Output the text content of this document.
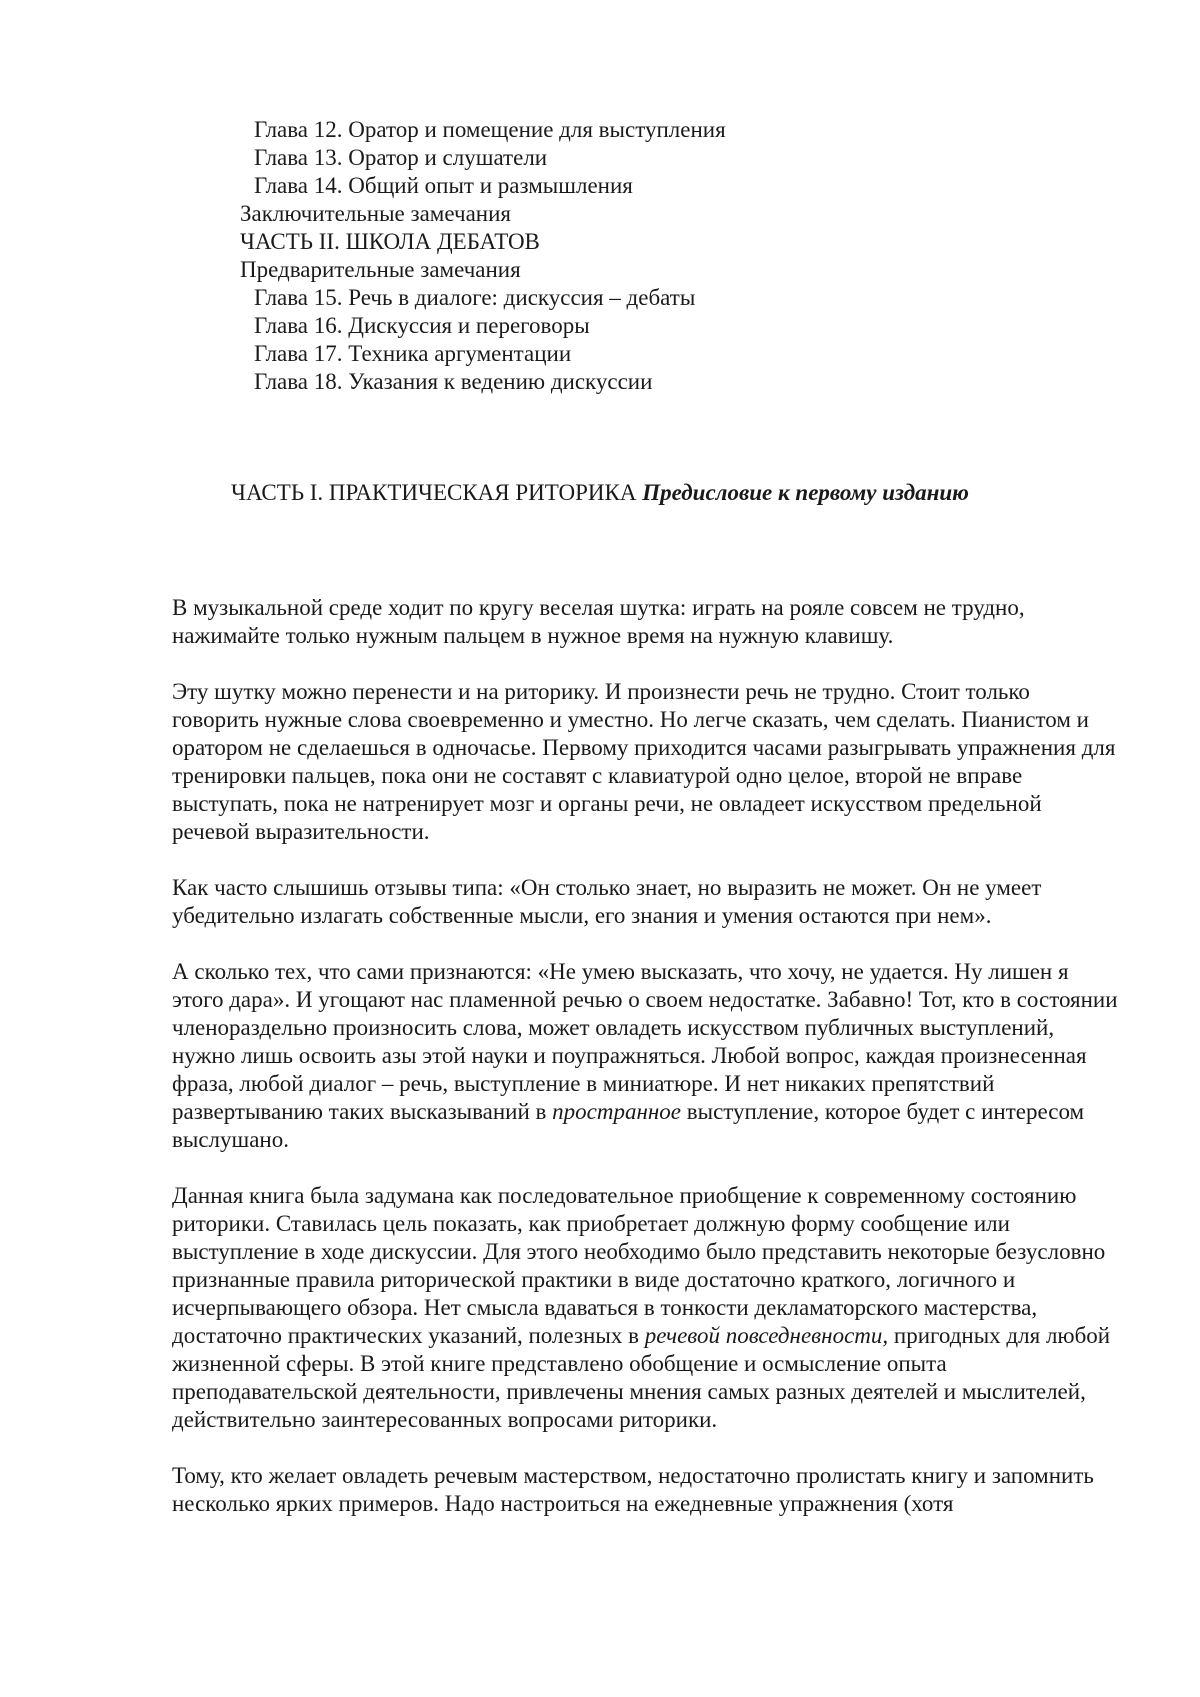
Глава 12. Оратор и помещение для выступления
Глава 13. Оратор и слушатели
Глава 14. Общий опыт и размышления
Заключительные замечания
ЧАСТЬ II. ШКОЛА ДЕБАТОВ
Предварительные замечания
Глава 15. Речь в диалоге: дискуссия – дебаты
Глава 16. Дискуссия и переговоры
Глава 17. Техника аргументации
Глава 18. Указания к ведению дискуссии
ЧАСТЬ I. ПРАКТИЧЕСКАЯ РИТОРИКА Предисловие к первому изданию

В музыкальной среде ходит по кругу веселая шутка: играть на рояле совсем не трудно, нажимайте только нужным пальцем в нужное время на нужную клавишу.

Эту шутку можно перенести и на риторику. И произнести речь не трудно. Стоит только говорить нужные слова своевременно и уместно. Но легче сказать, чем сделать. Пианистом и оратором не сделаешься в одночасье. Первому приходится часами разыгрывать упражнения для тренировки пальцев, пока они не составят с клавиатурой одно целое, второй не вправе выступать, пока не натренирует мозг и органы речи, не овладеет искусством предельной речевой выразительности.

Как часто слышишь отзывы типа: «Он столько знает, но выразить не может. Он не умеет убедительно излагать собственные мысли, его знания и умения остаются при нем».

А сколько тех, что сами признаются: «Не умею высказать, что хочу, не удается. Ну лишен я этого дара». И угощают нас пламенной речью о своем недостатке. Забавно! Тот, кто в состоянии членораздельно произносить слова, может овладеть искусством публичных выступлений, нужно лишь освоить азы этой науки и поупражняться. Любой вопрос, каждая произнесенная фраза, любой диалог – речь, выступление в миниатюре. И нет никаких препятствий развертыванию таких высказываний в пространное выступление, которое будет с интересом выслушано.

Данная книга была задумана как последовательное приобщение к современному состоянию риторики. Ставилась цель показать, как приобретает должную форму сообщение или выступление в ходе дискуссии. Для этого необходимо было представить некоторые безусловно признанные правила риторической практики в виде достаточно краткого, логичного и исчерпывающего обзора. Нет смысла вдаваться в тонкости декламаторского мастерства, достаточно практических указаний, полезных в речевой повседневности, пригодных для любой жизненной сферы. В этой книге представлено обобщение и осмысление опыта преподавательской деятельности, привлечены мнения самых разных деятелей и мыслителей, действительно заинтересованных вопросами риторики.

Тому, кто желает овладеть речевым мастерством, недостаточно пролистать книгу и запомнить несколько ярких примеров. Надо настроиться на ежедневные упражнения (хотя
